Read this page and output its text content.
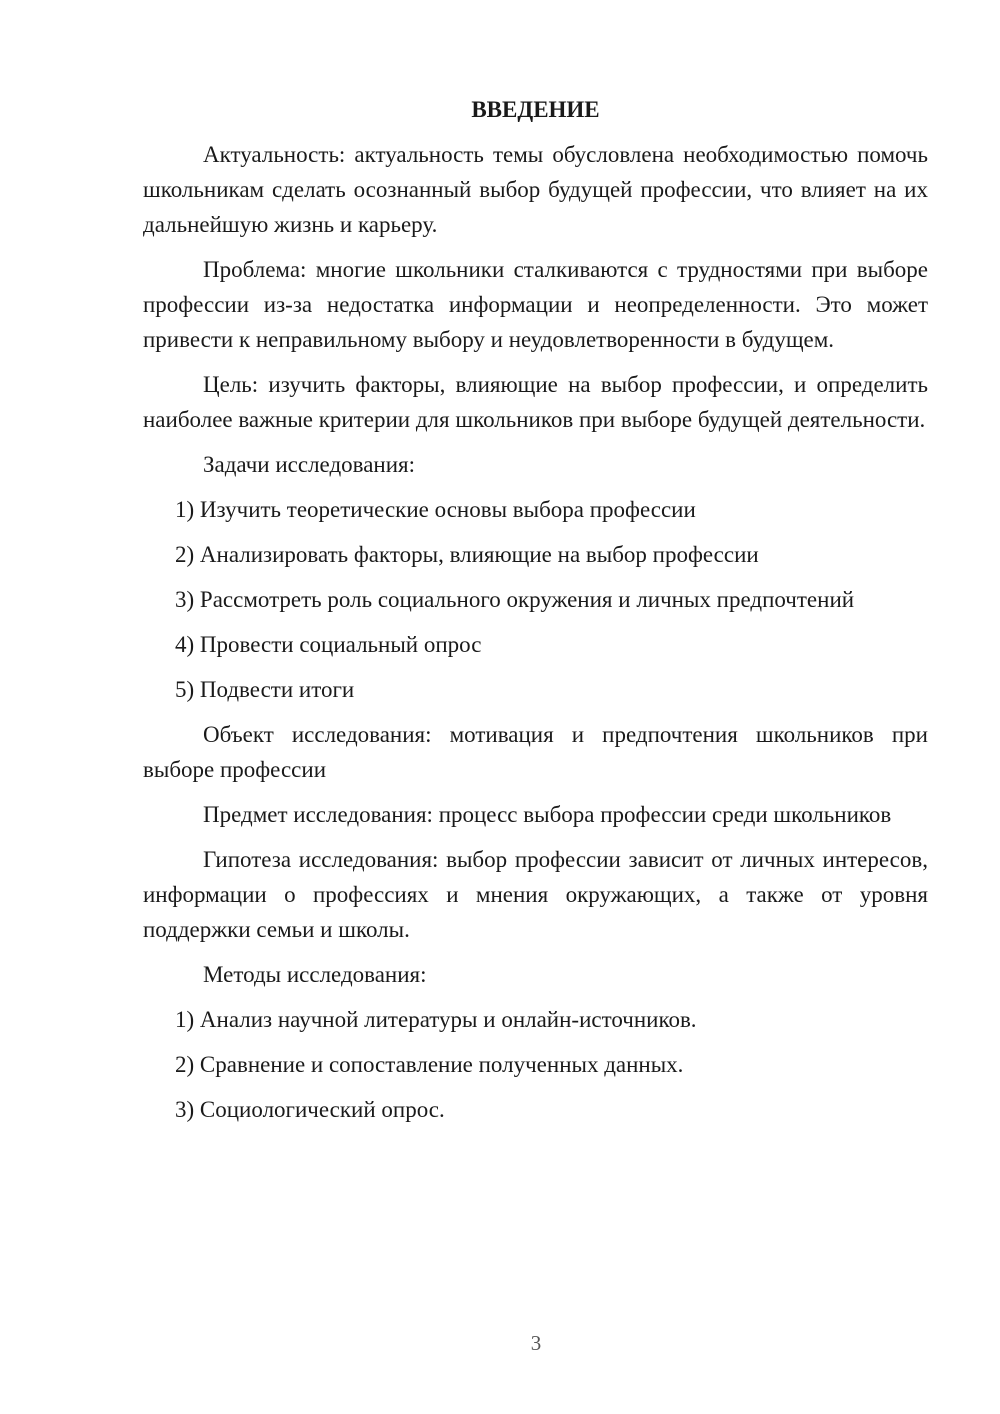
ВВЕДЕНИЕ

Актуальность: актуальность темы обусловлена необходимостью помочь школьникам сделать осознанный выбор будущей профессии, что влияет на их дальнейшую жизнь и карьеру.

Проблема: многие школьники сталкиваются с трудностями при выборе профессии из-за недостатка информации и неопределенности. Это может привести к неправильному выбору и неудовлетворенности в будущем.

Цель: изучить факторы, влияющие на выбор профессии, и определить наиболее важные критерии для школьников при выборе будущей деятельности.

Задачи исследования:
1) Изучить теоретические основы выбора профессии
2) Анализировать факторы, влияющие на выбор профессии
3) Рассмотреть роль социального окружения и личных предпочтений
4) Провести социальный опрос
5) Подвести итоги

Объект исследования: мотивация и предпочтения школьников при выборе профессии

Предмет исследования: процесс выбора профессии среди школьников

Гипотеза исследования: выбор профессии зависит от личных интересов, информации о профессиях и мнения окружающих, а также от уровня поддержки семьи и школы.

Методы исследования:
1) Анализ научной литературы и онлайн-источников.
2) Сравнение и сопоставление полученных данных.
3) Социологический опрос.
3
